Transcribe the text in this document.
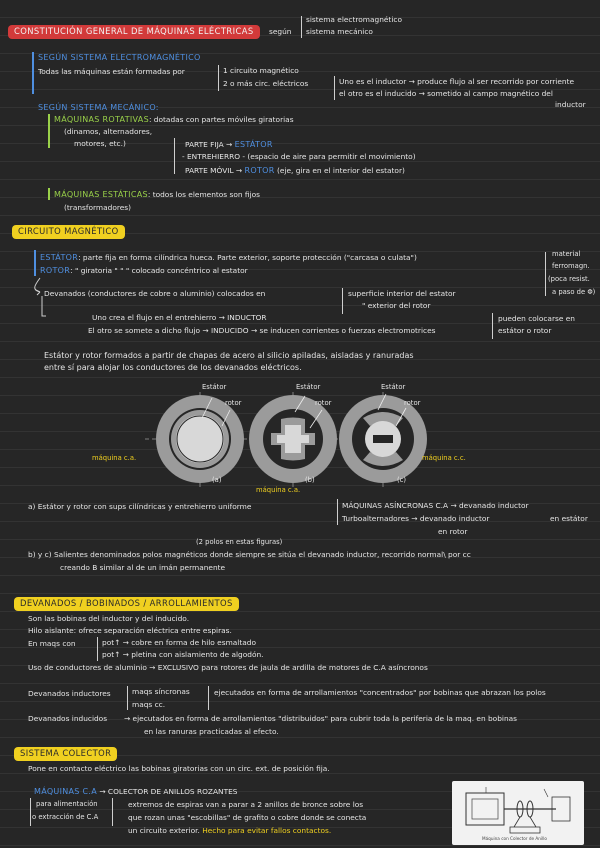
CONSTITUCIÓN GENERAL DE MÁQUINAS ELÉCTRICAS	según
sistema electromagnético
sistema mecánico
SEGÚN SISTEMA ELECTROMAGNÉTICO
Todas las máquinas están formadas por	1 circuito magnético
2 o más circ. eléctricos	Uno es el inductor → produce flujo al ser recorrido por corriente
el otro es el inducido → sometido al campo magnético del
inductor
SEGÚN SISTEMA MECÁNICO:
MÁQUINAS ROTATIVAS: dotadas con partes móviles giratorias
(dinamos, alternadores,
motores, etc.)	PARTE FIJA → ESTÁTOR
- ENTREHIERRO - (espacio de aire para permitir el movimiento)
PARTE MÓVIL → ROTOR (eje, gira en el interior del estator)
MÁQUINAS ESTÁTICAS: todos los elementos son fijos
(transformadores)
CIRCUITO MAGNÉTICO
ESTÁTOR: parte fija en forma cilíndrica hueca. Parte exterior, soporte protección ("carcasa o culata")
ROTOR: " giratoria " " " colocado concéntrico al estator
material
ferromagn.
(poca resist.
a paso de Φ)
Devanados (conductores de cobre o aluminio) colocados en	superficie interior del estator
" exterior del rotor
Uno crea el flujo en el entrehierro → INDUCTOR
El otro se somete a dicho flujo → INDUCIDO → se inducen corrientes o fuerzas electromotrices
pueden colocarse en
estátor o rotor
Estátor y rotor formados a partir de chapas de acero al silicio apiladas, aisladas y ranuradas
entre sí para alojar los conductores de los devanados eléctricos.
Estátor
rotor
Estátor
rotor
Estátor
rotor
máquina c.a.	máquina c.c.
(a)	(b)	(c)
máquina c.a.
a) Estátor y rotor con sups cilíndricas y entrehierro uniforme	MÁQUINAS ASÍNCRONAS C.A → devanado inductor
en estátor
Turboalternadores → devanado inductor
en rotor
(2 polos en estas figuras)
b) y c) Salientes denominados polos magnéticos donde siempre se sitúa el devanado inductor, recorrido normal\ por cc
creando B similar al de un imán permanente
DEVANADOS / BOBINADOS / ARROLLAMIENTOS
Son las bobinas del inductor y del inducido.
Hilo aislante: ofrece separación eléctrica entre espiras.
En maqs con	pot↑ → cobre en forma de hilo esmaltado
pot↑ → pletina con aislamiento de algodón.
Uso de conductores de aluminio → EXCLUSIVO para rotores de jaula de ardilla de motores de C.A asíncronos
Devanados inductores	maqs síncronas
maqs cc.
ejecutados en forma de arrollamientos "concentrados" por bobinas que abrazan los polos
Devanados inducidos → ejecutados en forma de arrollamientos "distribuidos" para cubrir toda la periferia de la maq. en bobinas
en las ranuras practicadas al efecto.
SISTEMA COLECTOR
Pone en contacto eléctrico las bobinas giratorias con un circ. ext. de posición fija.
MÁQUINAS C.A → COLECTOR DE ANILLOS ROZANTES
para alimentación
o extracción de C.A
extremos de espiras van a parar a 2 anillos de bronce sobre los
que rozan unas "escobillas" de grafito o cobre donde se conecta
un circuito exterior. Hecho para evitar fallos contactos.
Máquina con Colector de Anillo
